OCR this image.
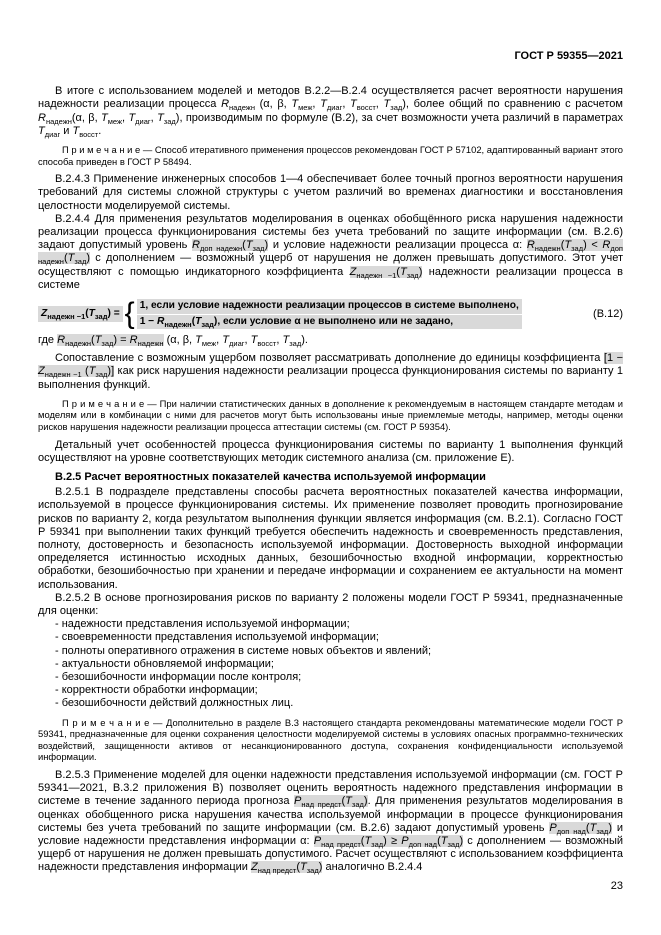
ГОСТ Р 59355—2021

В итоге с использованием моделей и методов В.2.2—В.2.4 осуществляется расчет вероятности нарушения надежности реализации процесса $R_{надежн}$ (α, β, $T_{меж}$, $T_{диаг}$, $T_{восст}$, $T_{зад}$), более общий по сравнению с расчетом $R_{надежн}(\alpha$, β, $T_{меж}$, $T_{диаг}$, $T_{зад}$), производимым по формуле (В.2), за счет возможности учета различий в параметрах $T_{диаг}$ и $T_{восст}$.

П р и м е ч а н и е — Способ итеративного применения процессов рекомендован ГОСТ Р 57102, адаптированный вариант этого способа приведен в ГОСТ Р 58494.

В.2.4.3 Применение инженерных способов 1—4 обеспечивает более точный прогноз вероятности нарушения требований для системы сложной структуры с учетом различий во временах диагностики и восстановления целостности моделируемой системы.

В.2.4.4 Для применения результатов моделирования в оценках обобщённого риска нарушения надежности реализации процесса функционирования системы без учета требований по защите информации (см. В.2.6) задают допустимый уровень $R_{доп надежн}(T_{зад})$ и условие надежности реализации процесса α: $R_{надежн}(T_{зад}) < R_{доп надежн}(T_{зад})$ с дополнением — возможный ущерб от нарушения не должен превышать допустимого. Этот учет осуществляют с помощью индикаторного коэффициента $Z_{надежн -1}(T_{зад})$ надежности реализации процесса в системе

$Z_{надежн -1}(T_{зад})$ = { 1, если условие надежности реализации процессов в системе выполнено,
$1 - R_{надежн}(T_{зад})$, если условие α не выполнено или не задано,
(В.12)

где $R_{надежн}(T_{зад}) = R_{надежн}$ (α, β, $T_{меж}$, $T_{диаг}$, $T_{восст}$, $T_{зад}$).

Сопоставление с возможным ущербом позволяет рассматривать дополнение до единицы коэффициента [$1 - Z_{надежн -1}$ $(T_{зад})$] как риск нарушения надежности реализации процесса функционирования системы по варианту 1 выполнения функций.

П р и м е ч а н и е — При наличии статистических данных в дополнение к рекомендуемым в настоящем стандарте методам и моделям или в комбинации с ними для расчетов могут быть использованы иные приемлемые методы, например, методы оценки рисков нарушения надежности реализации процесса аттестации системы (см. ГОСТ Р 59354).

Детальный учет особенностей процесса функционирования системы по варианту 1 выполнения функций осуществляют на уровне соответствующих методик системного анализа (см. приложение Е).

В.2.5 Расчет вероятностных показателей качества используемой информации

В.2.5.1 В подразделе представлены способы расчета вероятностных показателей качества информации, используемой в процессе функционирования системы. Их применение позволяет проводить прогнозирование рисков по варианту 2, когда результатом выполнения функции является информация (см. В.2.1). Согласно ГОСТ Р 59341 при выполнении таких функций требуется обеспечить надежность и своевременность представления, полноту, достоверность и безопасность используемой информации. Достоверность выходной информации определяется истинностью исходных данных, безошибочностью входной информации, корректностью обработки, безошибочностью при хранении и передаче информации и сохранением ее актуальности на момент использования.

В.2.5.2 В основе прогнозирования рисков по варианту 2 положены модели ГОСТ Р 59341, предназначенные для оценки:

- надежности представления используемой информации;

- своевременности представления используемой информации;

- полноты оперативного отражения в системе новых объектов и явлений;

- актуальности обновляемой информации;

- безошибочности информации после контроля;

- корректности обработки информации;

- безошибочности действий должностных лиц.

П р и м е ч а н и е — Дополнительно в разделе В.3 настоящего стандарта рекомендованы математические модели ГОСТ Р 59341, предназначенные для оценки сохранения целостности моделируемой системы в условиях опасных программно-технических воздействий, защищенности активов от несанкционированного доступа, сохранения конфиденциальности используемой информации.

В.2.5.3 Применение моделей для оценки надежности представления используемой информации (см. ГОСТ Р 59341—2021, В.3.2 приложения В) позволяет оценить вероятность надежного представления информации в системе в течение заданного периода прогноза $P_{над предст}(T_{зад})$. Для применения результатов моделирования в оценках обобщенного риска нарушения качества используемой информации в процессе функционирования системы без учета требований по защите информации (см. В.2.6) задают допустимый уровень $P_{доп над}(T_{зад})$ и условие надежности представления информации α: $P_{над предст}(T_{зад}) \ge P_{доп над}(T_{зад})$ с дополнением — возможный ущерб от нарушения не должен превышать допустимого. Расчет осуществляют с использованием коэффициента надежности представления информации $Z_{над предст}(T_{зад})$ аналогично В.2.4.4

23
